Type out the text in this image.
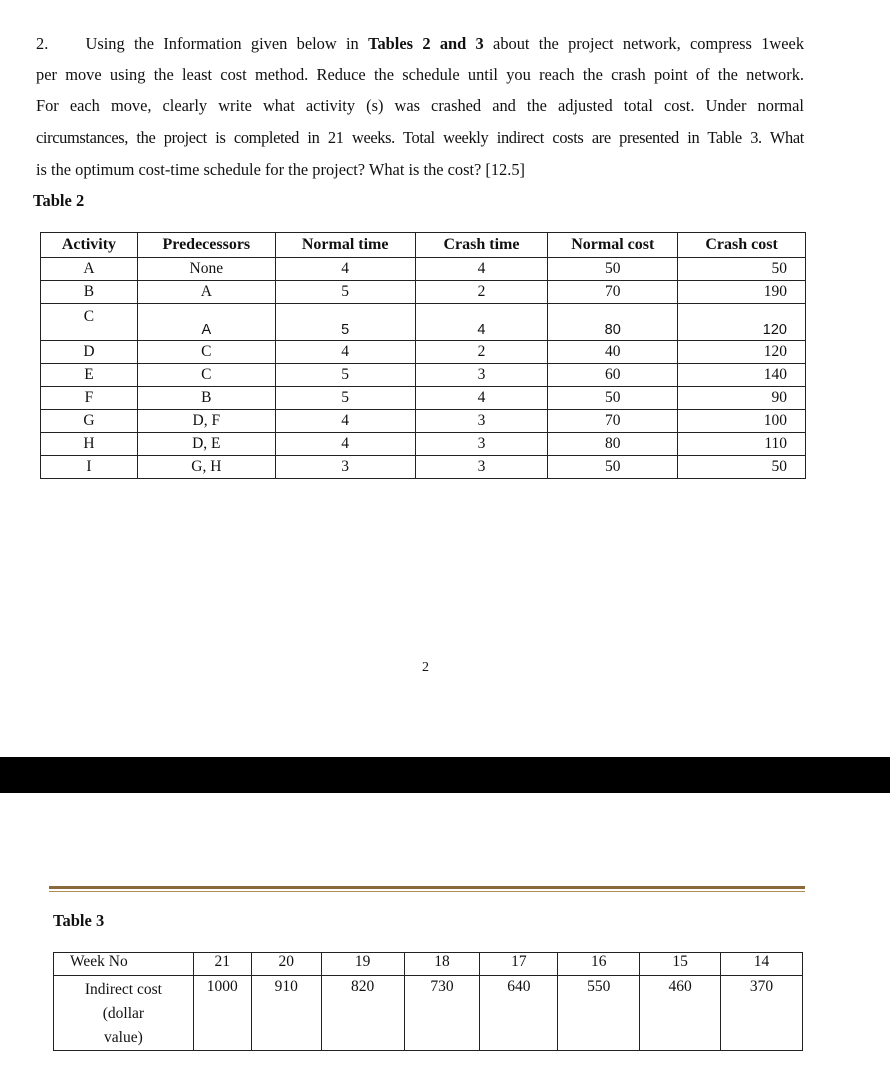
2. Using the Information given below in Tables 2 and 3 about the project network, compress 1week
per move using the least cost method. Reduce the schedule until you reach the crash point of the network.
For each move, clearly write what activity (s) was crashed and the adjusted total cost. Under normal
circumstances, the project is completed in 21 weeks. Total weekly indirect costs are presented in Table 3. What
is the optimum cost-time schedule for the project? What is the cost? [12.5]
Table 2
Activity	Predecessors	Normal time	Crash time	Normal cost	Crash cost
A	None	4	4	50	50
B	A	5	2	70	190
C	A	5	4	80	120
D	C	4	2	40	120
E	C	5	3	60	140
F	B	5	4	50	90
G	D, F	4	3	70	100
H	D, E	4	3	80	110
I	G, H	3	3	50	50
2
Table 3
Week No	21	20	19	18	17	16	15	14

Indirect cost
(dollar
value)	1000	910	820	730	640	550	460	370
